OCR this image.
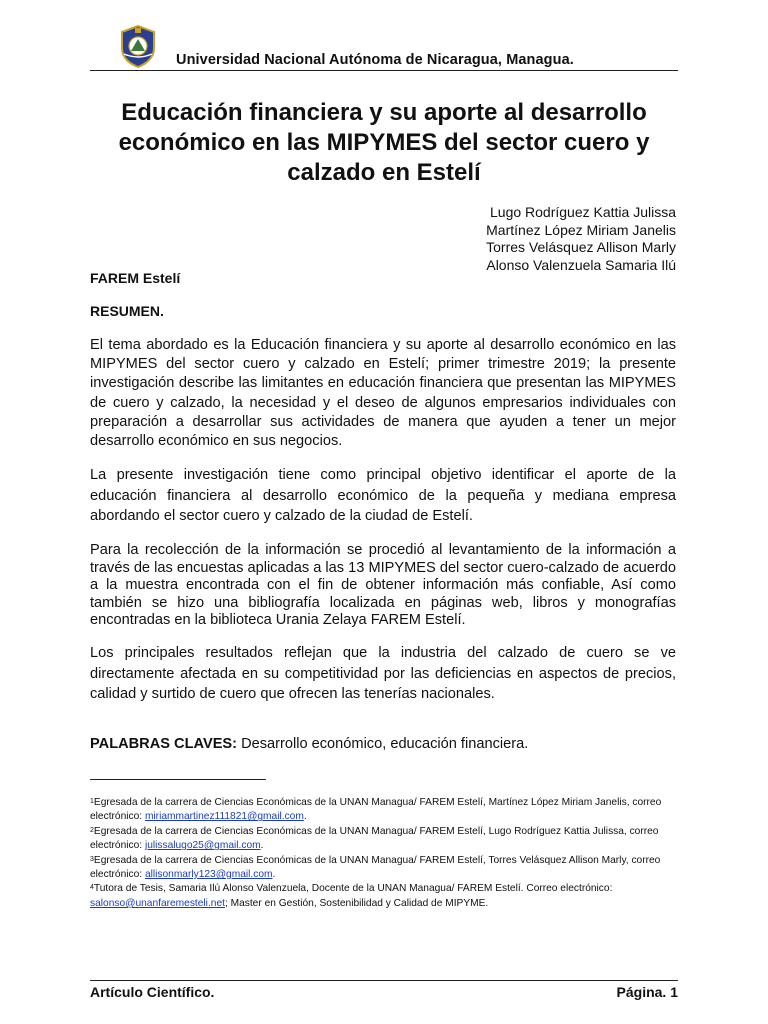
Universidad Nacional Autónoma de Nicaragua, Managua.
Educación financiera y su aporte al desarrollo económico en las MIPYMES del sector cuero y calzado en Estelí
Lugo Rodríguez Kattia Julissa
Martínez López Miriam Janelis
Torres Velásquez Allison Marly
Alonso Valenzuela Samaria Ilú
FAREM Estelí
RESUMEN.

El tema abordado es la Educación financiera y su aporte al desarrollo económico en las MIPYMES del sector cuero y calzado en Estelí; primer trimestre 2019; la presente investigación describe las limitantes en educación financiera que presentan las MIPYMES de cuero y calzado, la necesidad y el deseo de algunos empresarios individuales con preparación a desarrollar sus actividades de manera que ayuden a tener un mejor desarrollo económico en sus negocios.

La presente investigación tiene como principal objetivo identificar el aporte de la educación financiera al desarrollo económico de la pequeña y mediana empresa abordando el sector cuero y calzado de la ciudad de Estelí.

Para la recolección de la información se procedió al levantamiento de la información a través de las encuestas aplicadas a las 13 MIPYMES del sector cuero-calzado de acuerdo a la muestra encontrada con el fin de obtener información más confiable, Así como también se hizo una bibliografía localizada en páginas web, libros y monografías encontradas en la biblioteca Urania Zelaya FAREM Estelí.

Los principales resultados reflejan que la industria del calzado de cuero se ve directamente afectada en su competitividad por las deficiencias en aspectos de precios, calidad y surtido de cuero que ofrecen las tenerías nacionales.

PALABRAS CLAVES: Desarrollo económico, educación financiera.

$^1$Egresada de la carrera de Ciencias Económicas de la UNAN Managua/ FAREM Estelí, Martínez López Miriam Janelis, correo electrónico: miriammartinez111821@gmail.com.

$^2$Egresada de la carrera de Ciencias Económicas de la UNAN Managua/ FAREM Estelí, Lugo Rodríguez Kattia Julissa, correo electrónico: julissalugo25@gmail.com.

$^3$Egresada de la carrera de Ciencias Económicas de la UNAN Managua/ FAREM Estelí, Torres Velásquez Allison Marly, correo electrónico: allisonmarly123@gmail.com.

$^4$Tutora de Tesis, Samaria Ilú Alonso Valenzuela, Docente de la UNAN Managua/ FAREM Estelí. Correo electrónico: salonso@unanfaremesteli.net; Master en Gestión, Sostenibilidad y Calidad de MIPYME.

Artículo Científico.	Página. 1
